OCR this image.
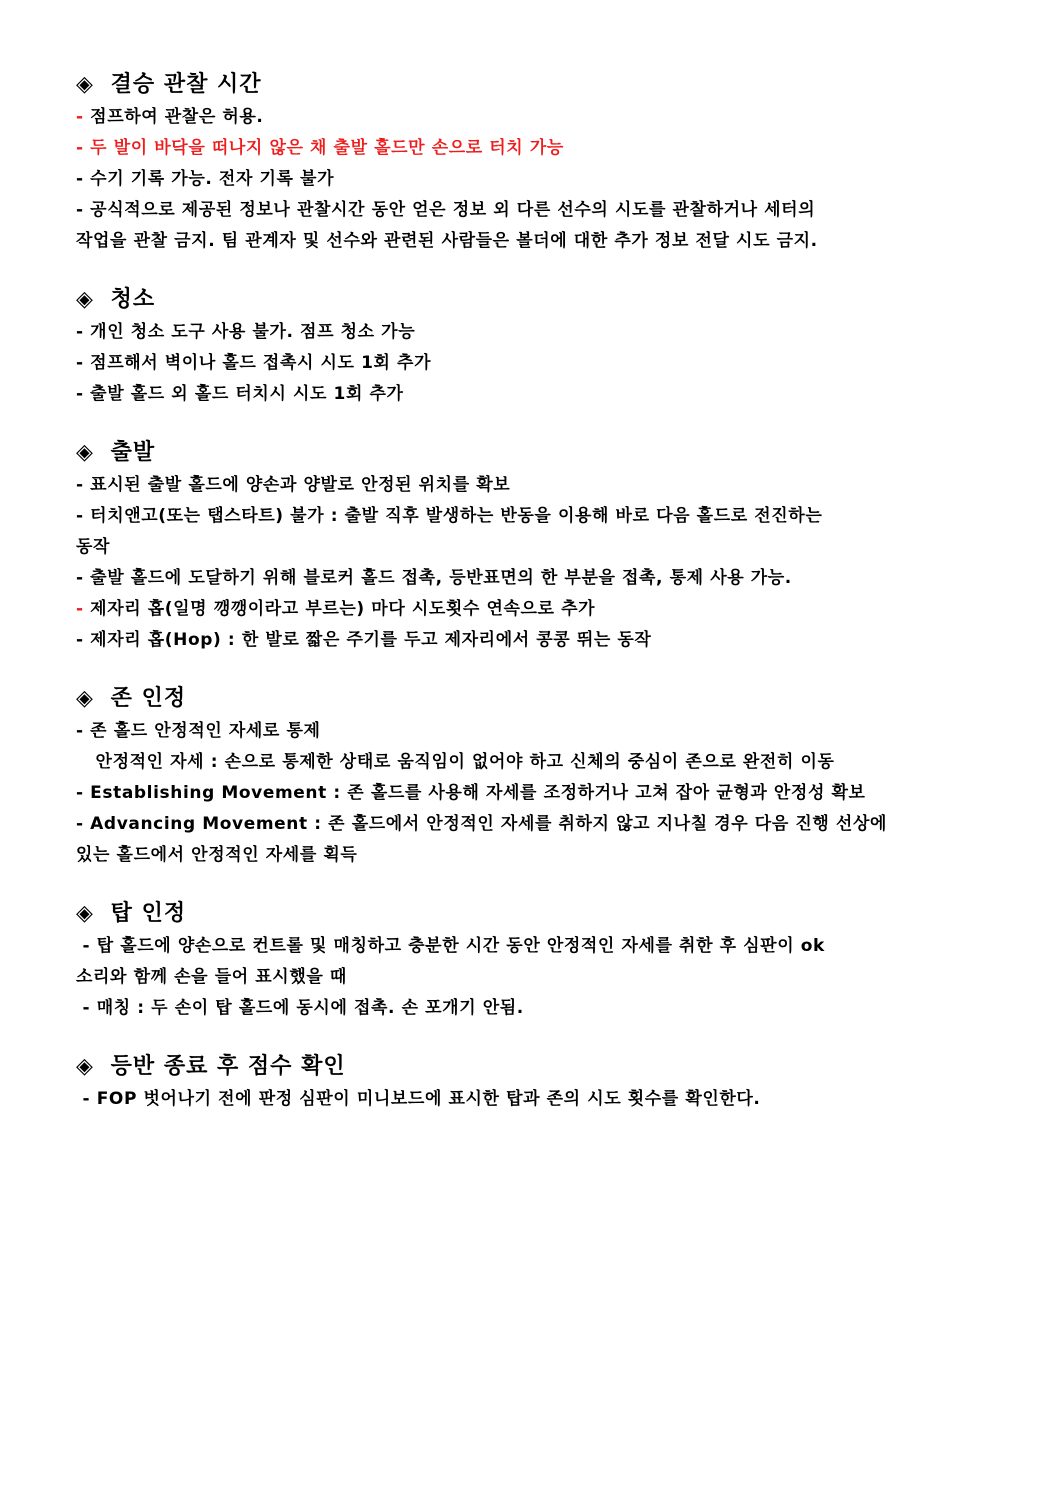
◈ 결승 관찰 시간
- 점프하여 관찰은 허용.
- 두 발이 바닥을 떠나지 않은 채 출발 홀드만 손으로 터치 가능
- 수기 기록 가능. 전자 기록 불가
- 공식적으로 제공된 정보나 관찰시간 동안 얻은 정보 외 다른 선수의 시도를 관찰하거나 세터의
작업을 관찰 금지. 팀 관계자 및 선수와 관련된 사람들은 볼더에 대한 추가 정보 전달 시도 금지.
◈ 청소
- 개인 청소 도구 사용 불가. 점프 청소 가능
- 점프해서 벽이나 홀드 접촉시 시도 1회 추가
- 출발 홀드 외 홀드 터치시 시도 1회 추가
◈ 출발
- 표시된 출발 홀드에 양손과 양발로 안정된 위치를 확보
- 터치앤고(또는 탭스타트) 불가 : 출발 직후 발생하는 반동을 이용해 바로 다음 홀드로 전진하는
동작
- 출발 홀드에 도달하기 위해 블로커 홀드 접촉, 등반표면의 한 부분을 접촉, 통제 사용 가능.
- 제자리 홉(일명 깽깽이라고 부르는) 마다 시도횟수 연속으로 추가
- 제자리 홉(Hop) : 한 발로 짧은 주기를 두고 제자리에서 콩콩 뛰는 동작
◈ 존 인정
- 존 홀드 안정적인 자세로 통제
안정적인 자세 : 손으로 통제한 상태로 움직임이 없어야 하고 신체의 중심이 존으로 완전히 이동
- Establishing Movement : 존 홀드를 사용해 자세를 조정하거나 고쳐 잡아 균형과 안정성 확보
- Advancing Movement : 존 홀드에서 안정적인 자세를 취하지 않고 지나칠 경우 다음 진행 선상에
있는 홀드에서 안정적인 자세를 획득
◈ 탑 인정
- 탑 홀드에 양손으로 컨트롤 및 매칭하고 충분한 시간 동안 안정적인 자세를 취한 후 심판이 ok
소리와 함께 손을 들어 표시했을 때
- 매칭 : 두 손이 탑 홀드에 동시에 접촉. 손 포개기 안됨.
◈ 등반 종료 후 점수 확인
- FOP 벗어나기 전에 판정 심판이 미니보드에 표시한 탑과 존의 시도 횟수를 확인한다.
